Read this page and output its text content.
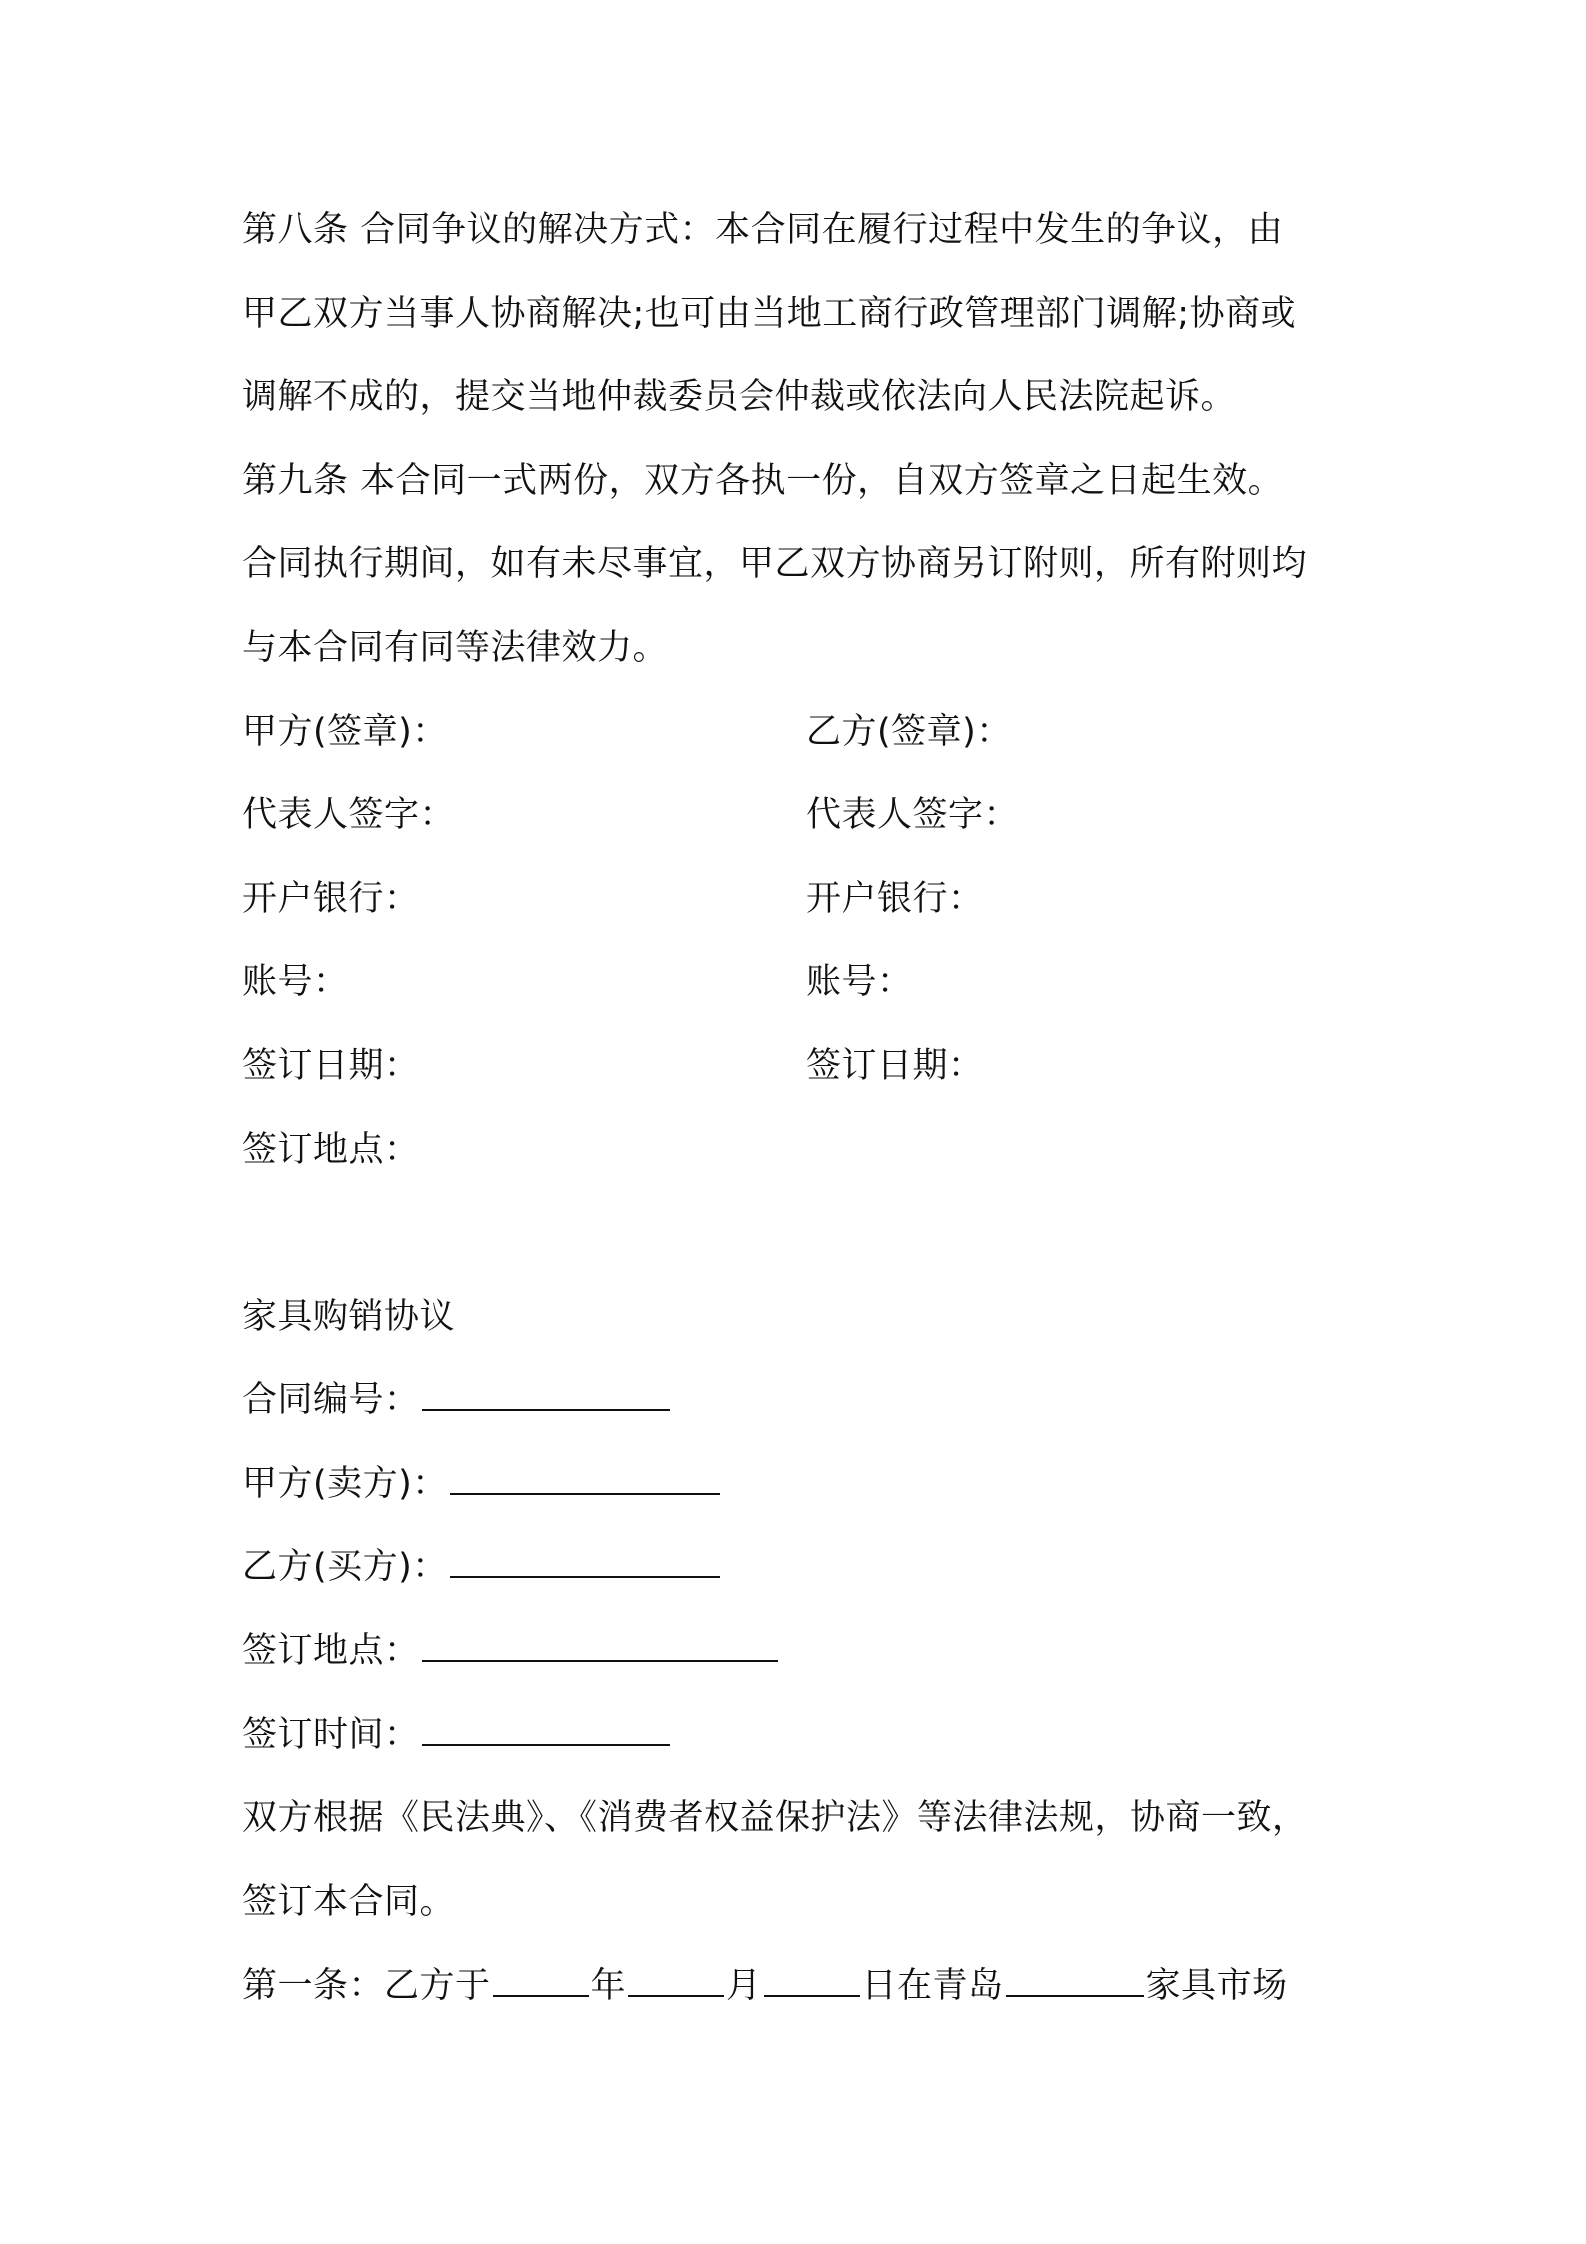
第八条 合同争议的解决方式：本合同在履行过程中发生的争议，由
甲乙双方当事人协商解决;也可由当地工商行政管理部门调解;协商或
调解不成的，提交当地仲裁委员会仲裁或依法向人民法院起诉。
第九条 本合同一式两份，双方各执一份，自双方签章之日起生效。
合同执行期间，如有未尽事宜，甲乙双方协商另订附则，所有附则均
与本合同有同等法律效力。
甲方(签章)：	乙方(签章)：
代表人签字：	代表人签字：
开户银行：	开户银行：
账号：	账号：
签订日期：	签订日期：
签订地点：
家具购销协议
合同编号：
甲方(卖方)：
乙方(买方)：
签订地点：
签订时间：
双方根据《民法典》、《消费者权益保护法》等法律法规，协商一致，
签订本合同。
第一条：乙方于	年	月	日在青岛	家具市场
